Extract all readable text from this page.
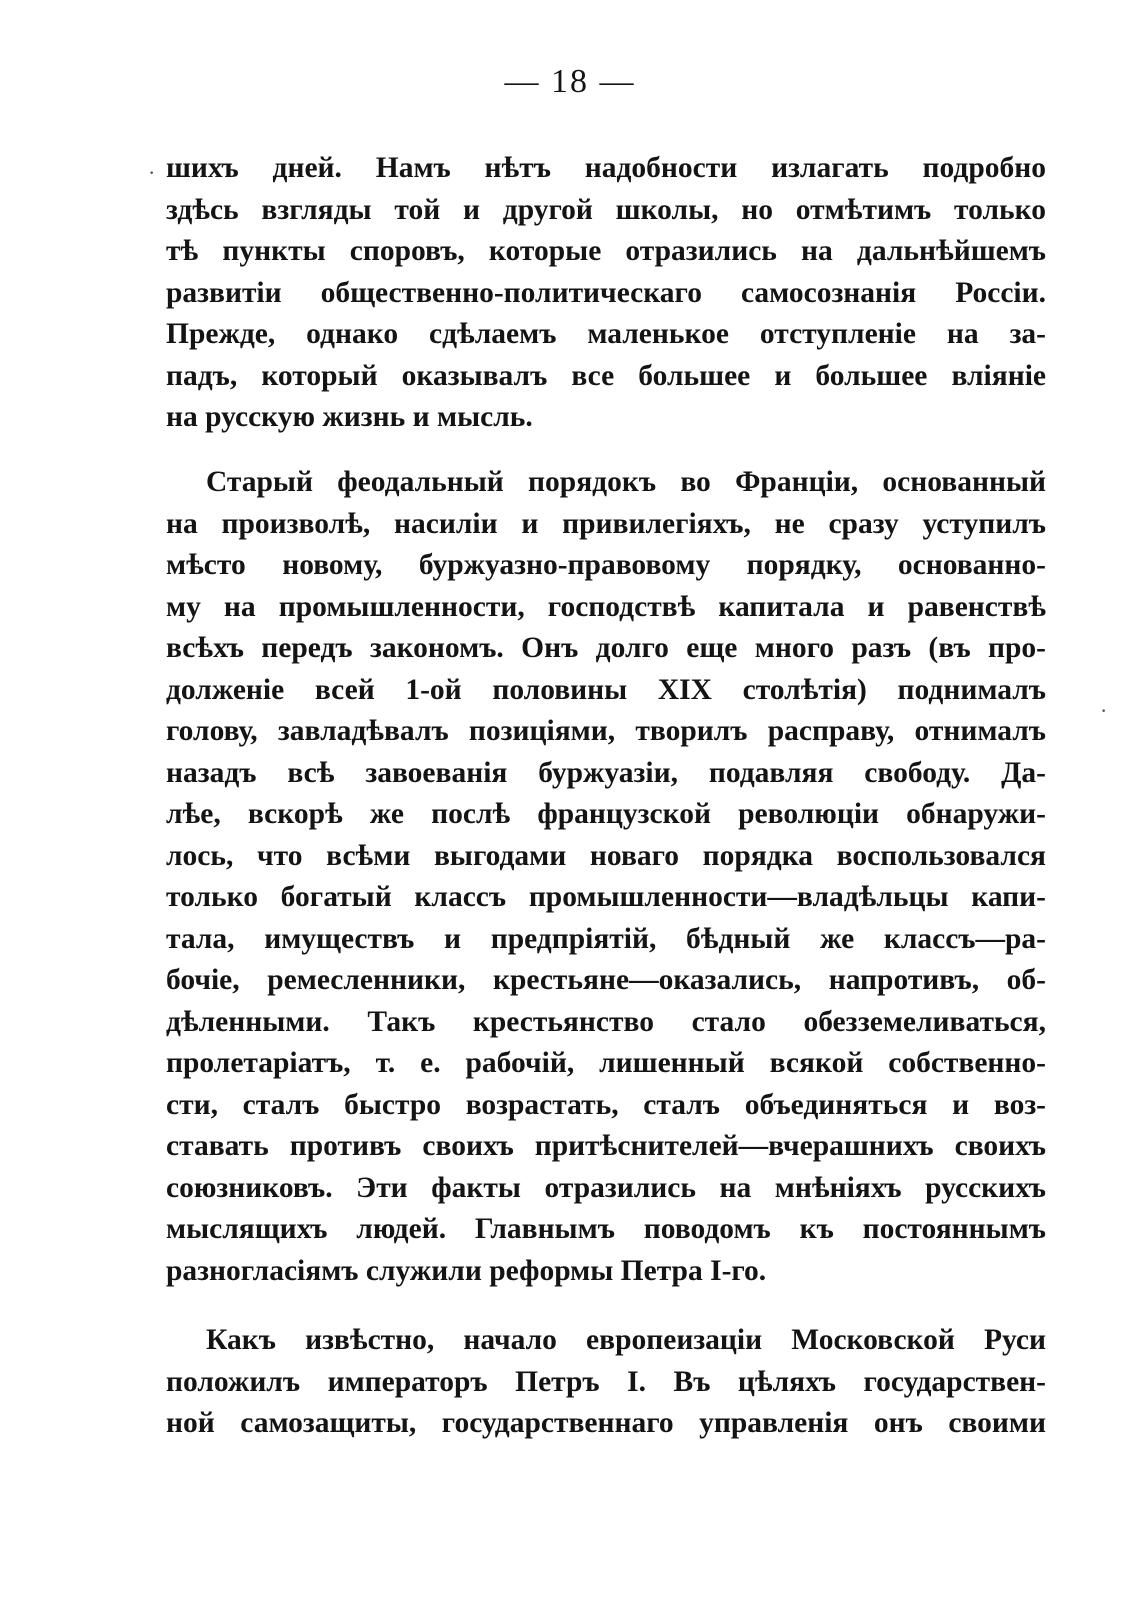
— 18 —
шихъ дней. Намъ нѣтъ надобности излагать подробно
здѣсь взгляды той и другой школы, но отмѣтимъ только
тѣ пункты споровъ, которые отразились на дальнѣйшемъ
развитіи общественно-политическаго самосознанія Россіи.
Прежде, однако сдѣлаемъ маленькое отступленіе на за-
падъ, который оказывалъ все большее и большее вліяніе
на русскую жизнь и мысль.
Старый феодальный порядокъ во Франціи, основанный
на произволѣ, насиліи и привилегіяхъ, не сразу уступилъ
мѣсто новому, буржуазно-правовому порядку, основанно-
му на промышленности, господствѣ капитала и равенствѣ
всѣхъ передъ закономъ. Онъ долго еще много разъ (въ про-
долженіе всей 1-ой половины XIX столѣтія) поднималъ
голову, завладѣвалъ позиціями, творилъ расправу, отнималъ
назадъ всѣ завоеванія буржуазіи, подавляя свободу. Да-
лѣе, вскорѣ же послѣ французской революціи обнаружи-
лось, что всѣми выгодами новаго порядка воспользовался
только богатый классъ промышленности—владѣльцы капи-
тала, имуществъ и предпріятій, бѣдный же классъ—ра-
бочіе, ремесленники, крестьяне—оказались, напротивъ, об-
дѣленными. Такъ крестьянство стало обезземеливаться,
пролетаріатъ, т. е. рабочій, лишенный всякой собственно-
сти, сталъ быстро возрастать, сталъ объединяться и воз-
ставать противъ своихъ притѣснителей—вчерашнихъ своихъ
союзниковъ. Эти факты отразились на мнѣніяхъ русскихъ
мыслящихъ людей. Главнымъ поводомъ къ постояннымъ
разногласіямъ служили реформы Петра I-го.
Какъ извѣстно, начало европеизаціи Московской Руси
положилъ императоръ Петръ I. Въ цѣляхъ государствен-
ной самозащиты, государственнаго управленія онъ своими
·
·
